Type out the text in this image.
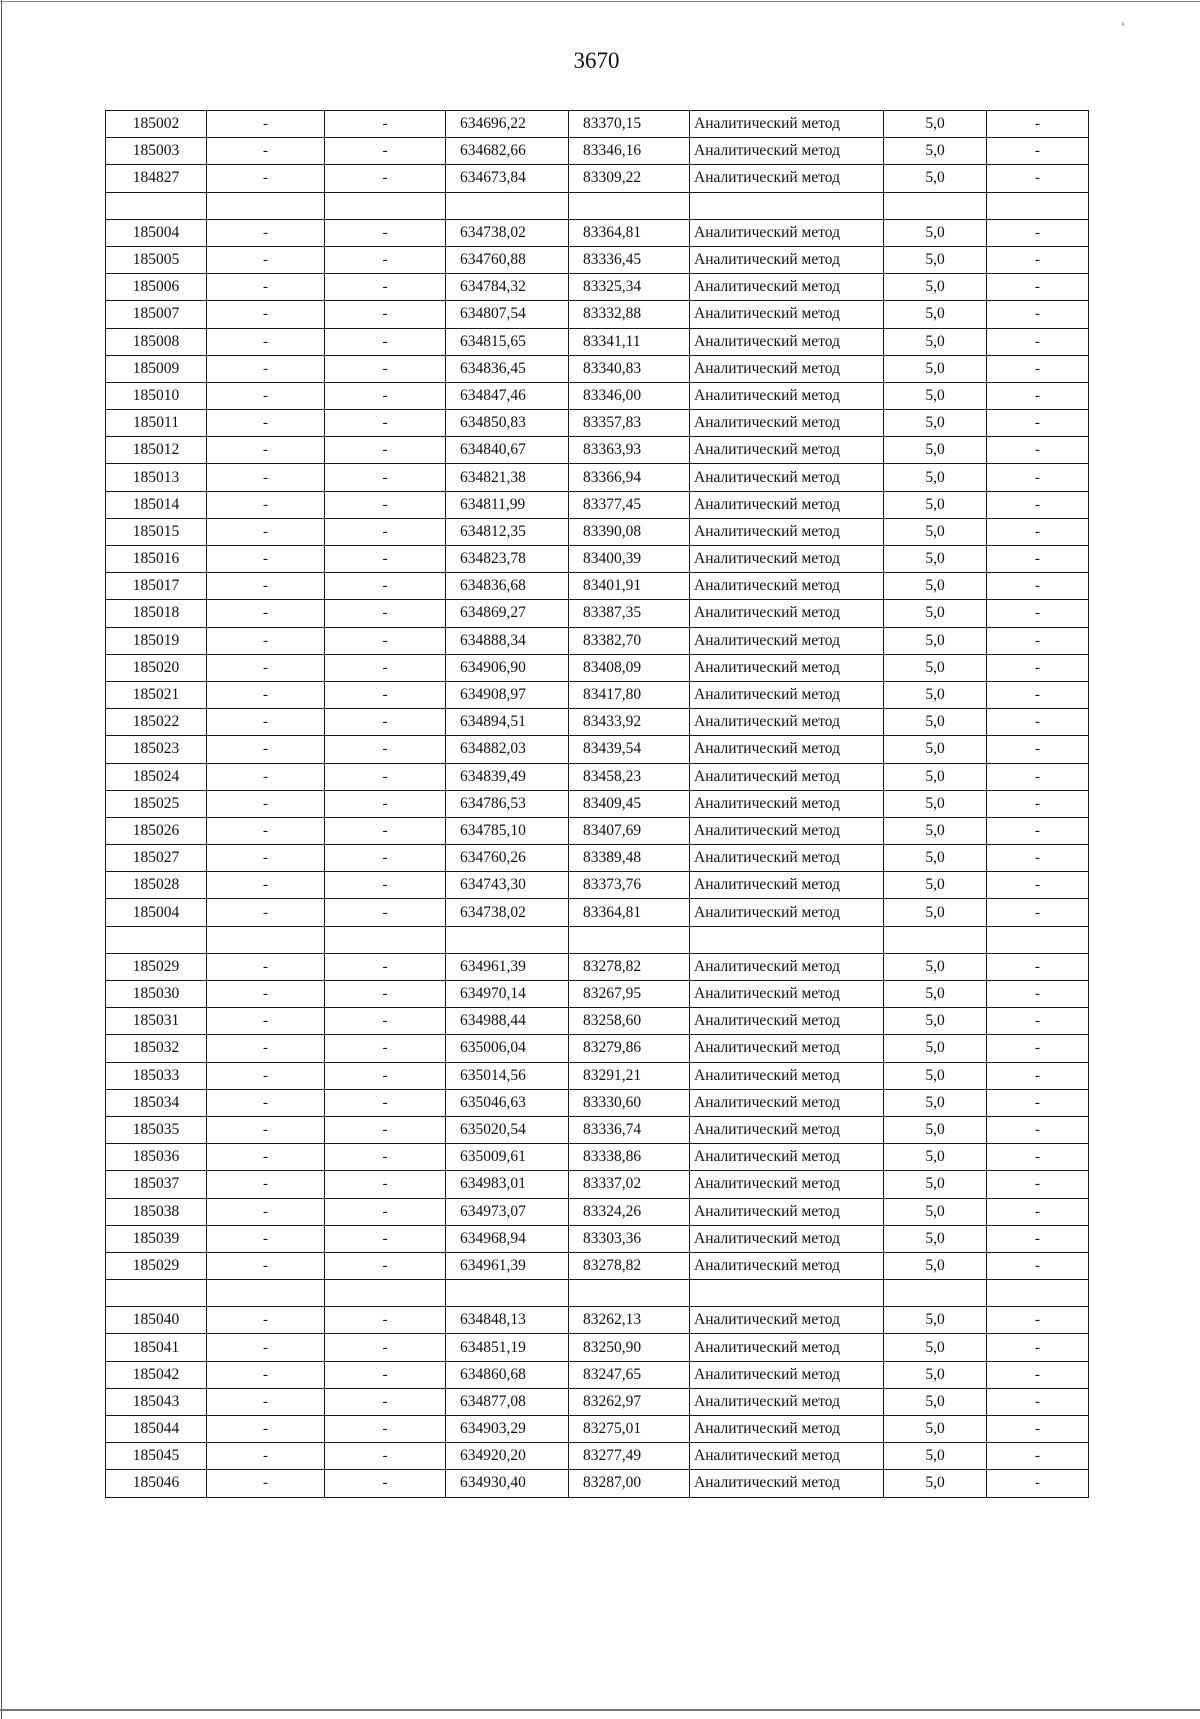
3670
ᵏ
185002	-	-	634696,22	83370,15	Аналитический метод	5,0	-
185003	-	-	634682,66	83346,16	Аналитический метод	5,0	-
184827	-	-	634673,84	83309,22	Аналитический метод	5,0	-

185004	-	-	634738,02	83364,81	Аналитический метод	5,0	-
185005	-	-	634760,88	83336,45	Аналитический метод	5,0	-
185006	-	-	634784,32	83325,34	Аналитический метод	5,0	-
185007	-	-	634807,54	83332,88	Аналитический метод	5,0	-
185008	-	-	634815,65	83341,11	Аналитический метод	5,0	-
185009	-	-	634836,45	83340,83	Аналитический метод	5,0	-
185010	-	-	634847,46	83346,00	Аналитический метод	5,0	-
185011	-	-	634850,83	83357,83	Аналитический метод	5,0	-
185012	-	-	634840,67	83363,93	Аналитический метод	5,0	-
185013	-	-	634821,38	83366,94	Аналитический метод	5,0	-
185014	-	-	634811,99	83377,45	Аналитический метод	5,0	-
185015	-	-	634812,35	83390,08	Аналитический метод	5,0	-
185016	-	-	634823,78	83400,39	Аналитический метод	5,0	-
185017	-	-	634836,68	83401,91	Аналитический метод	5,0	-
185018	-	-	634869,27	83387,35	Аналитический метод	5,0	-
185019	-	-	634888,34	83382,70	Аналитический метод	5,0	-
185020	-	-	634906,90	83408,09	Аналитический метод	5,0	-
185021	-	-	634908,97	83417,80	Аналитический метод	5,0	-
185022	-	-	634894,51	83433,92	Аналитический метод	5,0	-
185023	-	-	634882,03	83439,54	Аналитический метод	5,0	-
185024	-	-	634839,49	83458,23	Аналитический метод	5,0	-
185025	-	-	634786,53	83409,45	Аналитический метод	5,0	-
185026	-	-	634785,10	83407,69	Аналитический метод	5,0	-
185027	-	-	634760,26	83389,48	Аналитический метод	5,0	-
185028	-	-	634743,30	83373,76	Аналитический метод	5,0	-
185004	-	-	634738,02	83364,81	Аналитический метод	5,0	-

185029	-	-	634961,39	83278,82	Аналитический метод	5,0	-
185030	-	-	634970,14	83267,95	Аналитический метод	5,0	-
185031	-	-	634988,44	83258,60	Аналитический метод	5,0	-
185032	-	-	635006,04	83279,86	Аналитический метод	5,0	-
185033	-	-	635014,56	83291,21	Аналитический метод	5,0	-
185034	-	-	635046,63	83330,60	Аналитический метод	5,0	-
185035	-	-	635020,54	83336,74	Аналитический метод	5,0	-
185036	-	-	635009,61	83338,86	Аналитический метод	5,0	-
185037	-	-	634983,01	83337,02	Аналитический метод	5,0	-
185038	-	-	634973,07	83324,26	Аналитический метод	5,0	-
185039	-	-	634968,94	83303,36	Аналитический метод	5,0	-
185029	-	-	634961,39	83278,82	Аналитический метод	5,0	-

185040	-	-	634848,13	83262,13	Аналитический метод	5,0	-
185041	-	-	634851,19	83250,90	Аналитический метод	5,0	-
185042	-	-	634860,68	83247,65	Аналитический метод	5,0	-
185043	-	-	634877,08	83262,97	Аналитический метод	5,0	-
185044	-	-	634903,29	83275,01	Аналитический метод	5,0	-
185045	-	-	634920,20	83277,49	Аналитический метод	5,0	-
185046	-	-	634930,40	83287,00	Аналитический метод	5,0	-
